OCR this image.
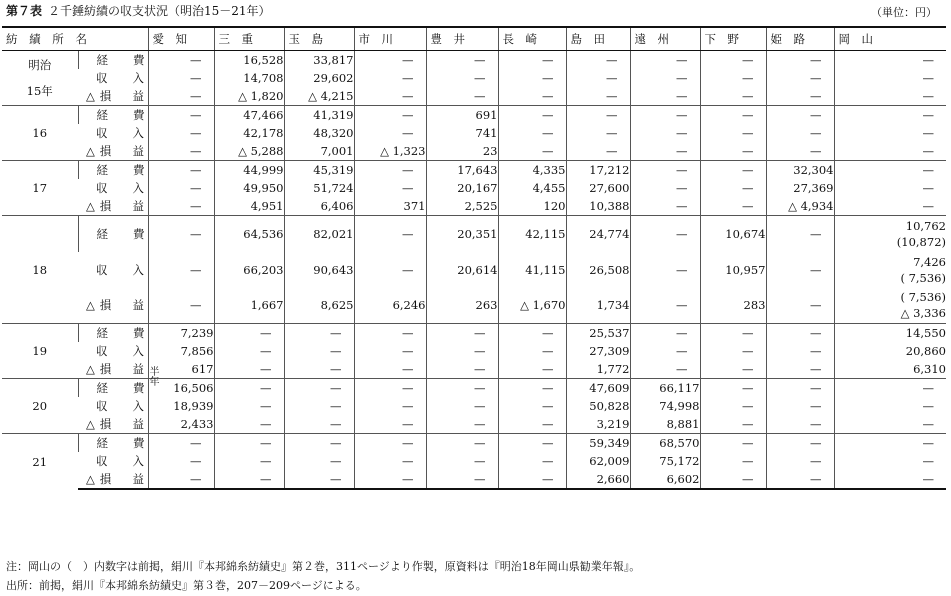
第７表 ２千錘紡績の収支状況（明治15－21年）	（単位：円）
紡 績 所 名		愛　知	三　重	玉　島	市　川	豊　井	長　崎	島　田	遠　州	下　野	姫　路	岡　山
明治
15年	経　費	—	16,528	33,817	—	—	—	—	—	—	—	—
	収　入	—	14,708	29,602	—	—	—	—	—	—	—	—
	△損　益	—	△ 1,820	△ 4,215	—	—	—	—	—	—	—	—
16	経　費	—	47,466	41,319	—	691	—	—	—	—	—	—
	収　入	—	42,178	48,320	—	741	—	—	—	—	—	—
	△損　益	—	△ 5,288	7,001	△ 1,323	23	—	—	—	—	—	—
17	経　費	—	44,999	45,319	—	17,643	4,335	17,212	—	—	32,304	—
	収　入	—	49,950	51,724	—	20,167	4,455	27,600	—	—	27,369	—
	△損　益	—	4,951	6,406	371	2,525	120	10,388	—	—	△ 4,934	—
18	経　費	—	64,536	82,021	—	20,351	42,115	24,774	—	10,674	—	10,762
(10,872)
	収　入	—	66,203	90,643	—	20,614	41,115	26,508	—	10,957	—	7,426
( 7,536)
	△損　益	—	1,667	8,625	6,246	263	△ 1,670	1,734	—	283	—	( 7,536)
△ 3,336
19	経　費	7,239	—	—	—	—	—	25,537	—	—	—	14,550
	収　入	7,856	—	—	—	—	—	27,309	—	—	—	20,860
	△損　益	617	—	—	—	—	—	1,772	—	—	—	6,310
20	経　費	16,506	—	—	—	—	—	47,609	66,117	—	—	—
	収　入	18,939	—	—	—	—	—	50,828	74,998	—	—	—
	△損　益	2,433	—	—	—	—	—	3,219	8,881	—	—	—
21	経　費	—	—	—	—	—	—	59,349	68,570	—	—	—
	収　入	—	—	—	—	—	—	62,009	75,172	—	—	—
	△損　益	—	—	—	—	—	—	2,660	6,602	—	—	—
半年
注：岡山の（　）内数字は前掲，絹川『本邦綿糸紡績史』第２巻，311ページより作製，原資料は『明治18年岡山県勧業年報』。
出所：前掲，絹川『本邦綿糸紡績史』第３巻，207－209ページによる。
